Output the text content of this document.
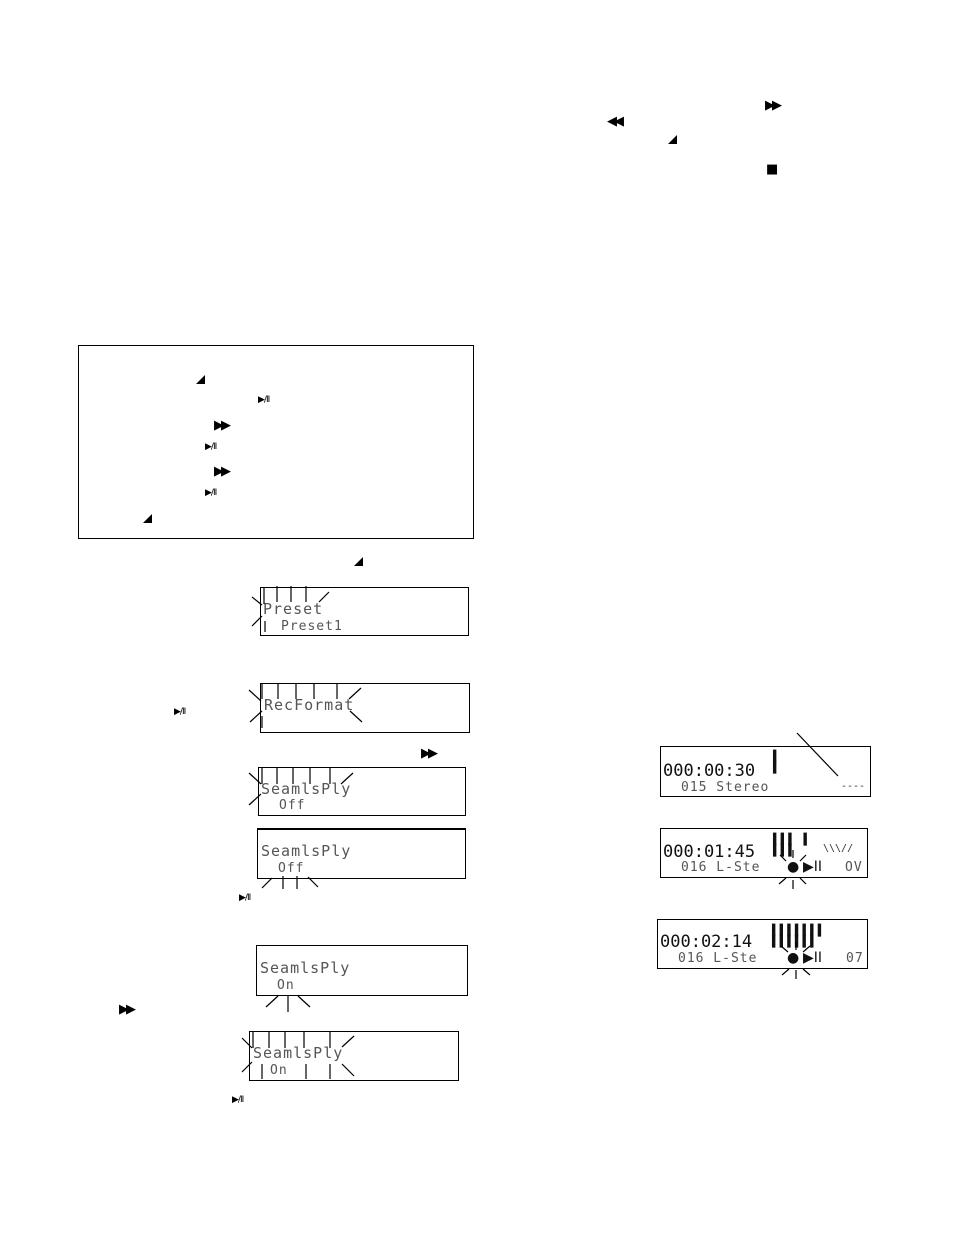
▶▶
◀◀
■
▶/II
▶▶
▶/II
▶▶
▶/II
Preset
Preset1
▶/II	RecFormat
▶▶
SeamlsPly
Off
SeamlsPly
Off
▶/II
SeamlsPly
On
▶▶
SeamlsPly
On
▶/II
000:00:30
015 Stereo	----
▌
▌
000:01:45
016 L-Ste
▌▌▌ ▌
▌▌▌
● ▶II
\\\//
OV
000:02:14
016 L-Ste
▌▌▌▌▌▌▌
▌▌▌▌▌▌
● ▶II 07
